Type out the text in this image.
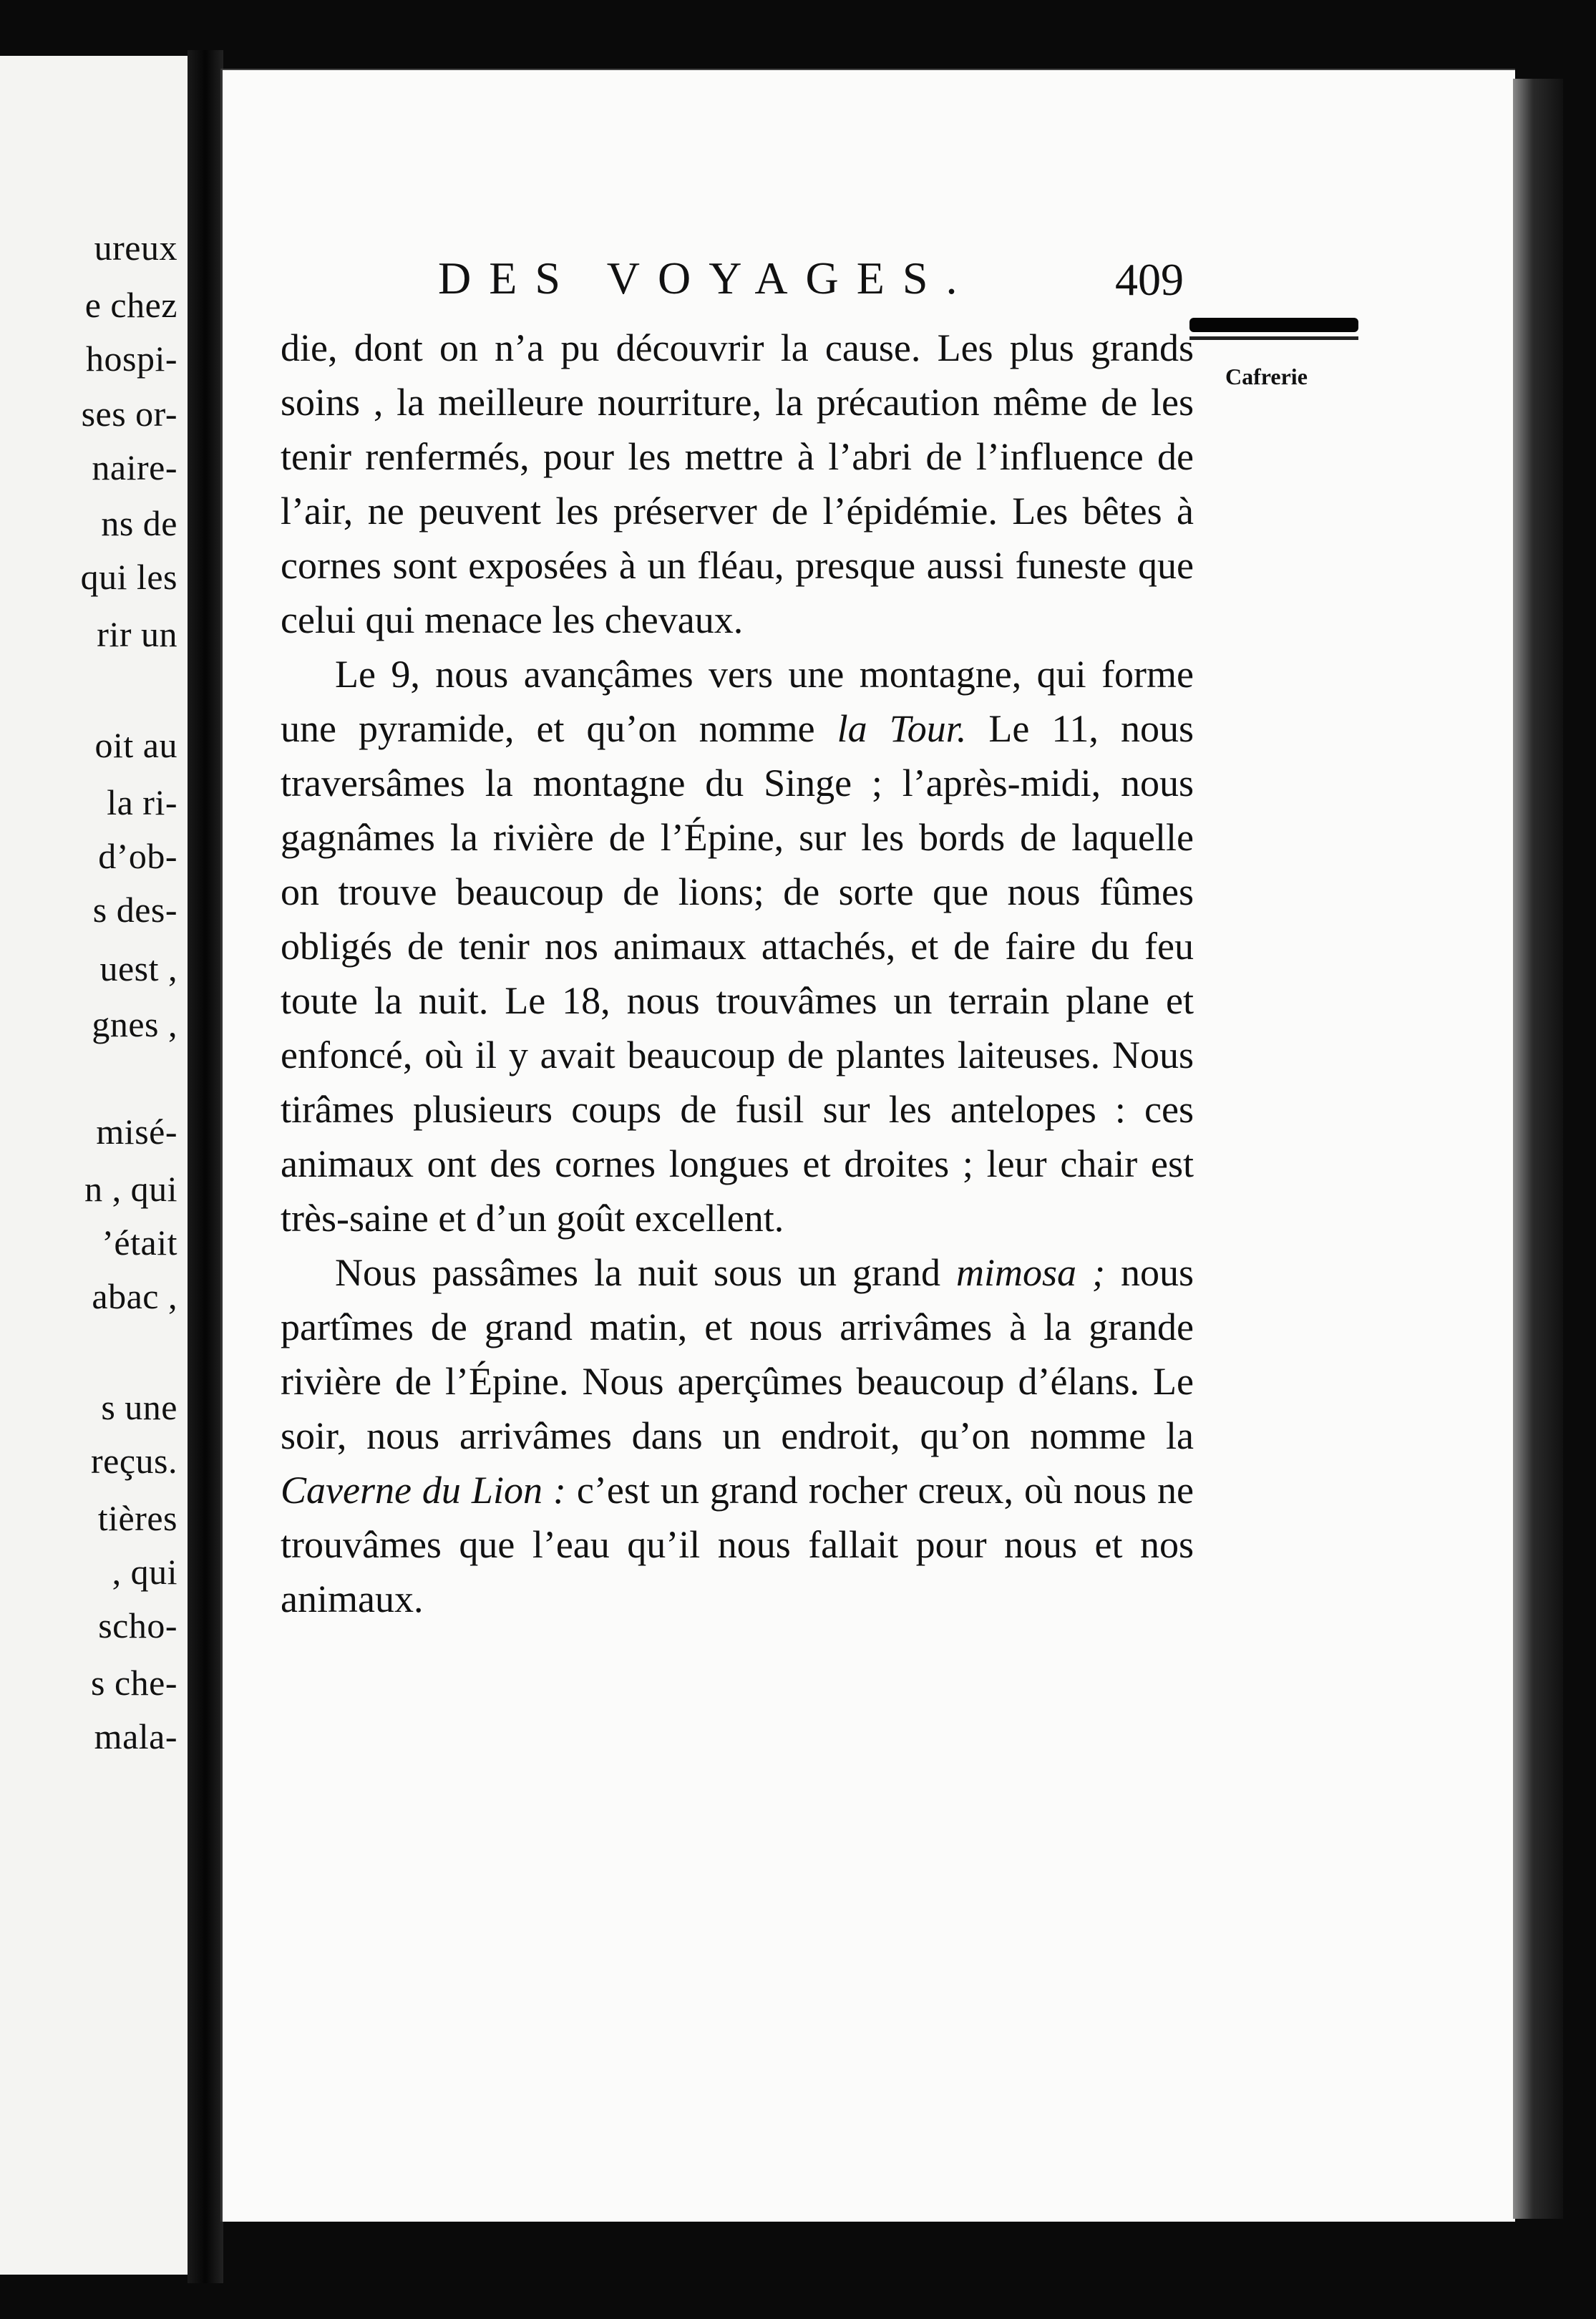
ureux
e chez
hospi-
ses or-
naire-
ns de
qui les
rir un
oit au
la ri-
d’ob-
s des-
uest ,
gnes ,
misé-
n , qui
’était
abac ,
s une
reçus.
tières
, qui
scho-
s che-
mala-
DES VOYAGES.	409
Cafrerie

die, dont on n’a pu découvrir la cause. Les plus grands soins , la meilleure nourriture, la précaution même de les tenir renfermés, pour les mettre à l’abri de l’influence de l’air, ne peuvent les préserver de l’épidémie. Les bêtes à cornes sont exposées à un fléau, presque aussi funeste que celui qui menace les chevaux.

Le 9, nous avançâmes vers une montagne, qui forme une pyramide, et qu’on nomme la Tour. Le 11, nous traversâmes la montagne du Singe ; l’après-midi, nous gagnâmes la rivière de l’Épine, sur les bords de laquelle on trouve beaucoup de lions; de sorte que nous fûmes obligés de tenir nos animaux attachés, et de faire du feu toute la nuit. Le 18, nous trouvâmes un terrain plane et enfoncé, où il y avait beaucoup de plantes laiteuses. Nous tirâmes plusieurs coups de fusil sur les antelopes : ces animaux ont des cornes longues et droites ; leur chair est très-saine et d’un goût excellent.

Nous passâmes la nuit sous un grand mimosa ; nous partîmes de grand matin, et nous arrivâmes à la grande rivière de l’Épine. Nous aperçûmes beaucoup d’élans. Le soir, nous arrivâmes dans un endroit, qu’on nomme la Caverne du Lion : c’est un grand rocher creux, où nous ne trouvâmes que l’eau qu’il nous fallait pour nous et nos animaux.
